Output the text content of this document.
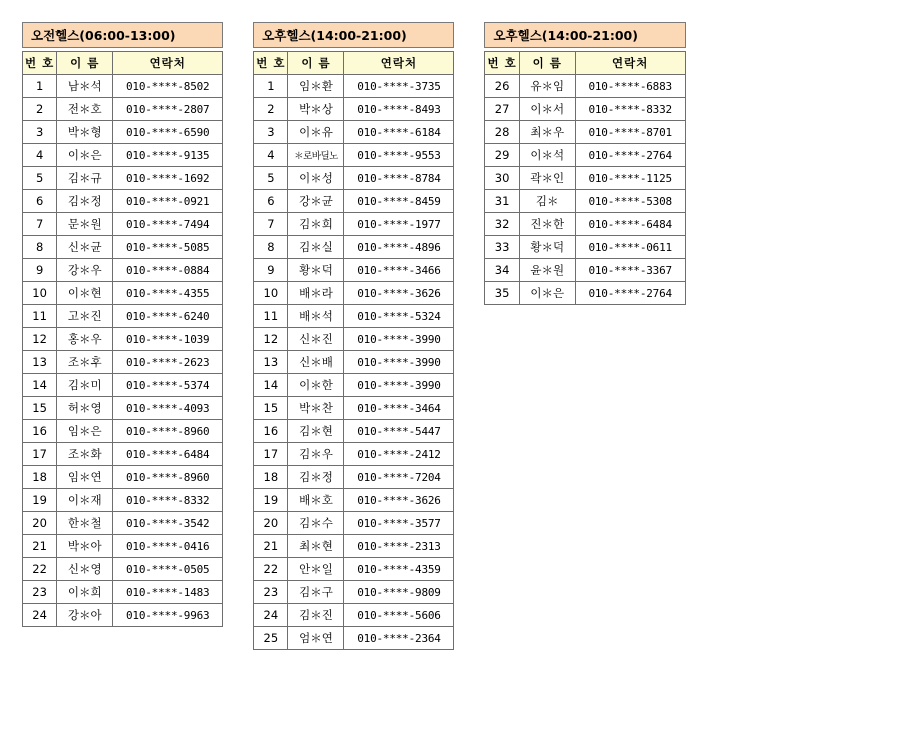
오전헬스(06:00-13:00)
번 호	이 름	연락처
1	남＊석	010-****-8502
2	전＊호	010-****-2807
3	박＊형	010-****-6590
4	이＊은	010-****-9135
5	김＊규	010-****-1692
6	김＊정	010-****-0921
7	문＊원	010-****-7494
8	신＊균	010-****-5085
9	강＊우	010-****-0884
10	이＊현	010-****-4355
11	고＊진	010-****-6240
12	홍＊우	010-****-1039
13	조＊후	010-****-2623
14	김＊미	010-****-5374
15	허＊영	010-****-4093
16	임＊은	010-****-8960
17	조＊화	010-****-6484
18	임＊연	010-****-8960
19	이＊재	010-****-8332
20	한＊철	010-****-3542
21	박＊아	010-****-0416
22	신＊영	010-****-0505
23	이＊희	010-****-1483
24	강＊아	010-****-9963
오후헬스(14:00-21:00)
번 호	이 름	연락처
1	임＊환	010-****-3735
2	박＊상	010-****-8493
3	이＊유	010-****-6184
4	＊로바딜노	010-****-9553
5	이＊성	010-****-8784
6	강＊균	010-****-8459
7	김＊희	010-****-1977
8	김＊실	010-****-4896
9	황＊덕	010-****-3466
10	배＊라	010-****-3626
11	배＊석	010-****-5324
12	신＊진	010-****-3990
13	신＊배	010-****-3990
14	이＊한	010-****-3990
15	박＊찬	010-****-3464
16	김＊현	010-****-5447
17	김＊우	010-****-2412
18	김＊정	010-****-7204
19	배＊호	010-****-3626
20	김＊수	010-****-3577
21	최＊현	010-****-2313
22	안＊일	010-****-4359
23	김＊구	010-****-9809
24	김＊진	010-****-5606
25	엄＊연	010-****-2364
오후헬스(14:00-21:00)
번 호	이 름	연락처
26	유＊임	010-****-6883
27	이＊서	010-****-8332
28	최＊우	010-****-8701
29	이＊석	010-****-2764
30	곽＊인	010-****-1125
31	김＊	010-****-5308
32	진＊한	010-****-6484
33	황＊덕	010-****-0611
34	윤＊원	010-****-3367
35	이＊은	010-****-2764
